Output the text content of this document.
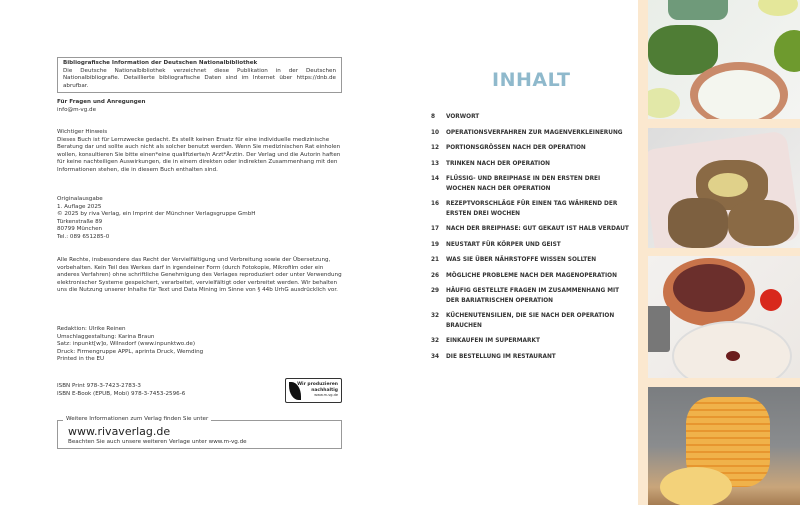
Bibliografische Information der Deutschen Nationalbibliothek
Die Deutsche Nationalbibliothek verzeichnet diese Publikation in der Deutschen Nationalbibliografie. Detaillierte bibliografische Daten sind im Internet über https://dnb.de abrufbar.
Für Fragen und Anregungen
info@m-vg.de
Wichtiger Hinweis
Dieses Buch ist für Lernzwecke gedacht. Es stellt keinen Ersatz für eine individuelle medizinische Beratung dar und sollte auch nicht als solcher benutzt werden. Wenn Sie medizinischen Rat einholen wollen, konsultieren Sie bitte einen*eine qualifizierte/n Arzt*Ärztin. Der Verlag und die Autorin haften für keine nachteiligen Auswirkungen, die in einem direkten oder indirekten Zusammenhang mit den Informationen stehen, die in diesem Buch enthalten sind.
Originalausgabe
1. Auflage 2025
© 2025 by riva Verlag, ein Imprint der Münchner Verlagsgruppe GmbH
Türkenstraße 89
80799 München
Tel.: 089 651285-0
Alle Rechte, insbesondere das Recht der Vervielfältigung und Verbreitung sowie der Übersetzung, vorbehalten. Kein Teil des Werkes darf in irgendeiner Form (durch Fotokopie, Mikrofilm oder ein anderes Verfahren) ohne schriftliche Genehmigung des Verlages reproduziert oder unter Verwendung elektronischer Systeme gespeichert, verarbeitet, vervielfältigt oder verbreitet werden. Wir behalten uns die Nutzung unserer Inhalte für Text und Data Mining im Sinne von § 44b UrhG ausdrücklich vor.
Redaktion: Ulrike Reinen
Umschlaggestaltung: Karina Braun
Satz: inpunkt[w]o, Wilnsdorf (www.inpunktwo.de)
Druck: Firmengruppe APPL, aprinta Druck, Wemding
Printed in the EU
ISBN Print 978-3-7423-2783-3
ISBN E-Book (EPUB, Mobi) 978-3-7453-2596-6
Wir produzieren
nachhaltig
www.m-vg.de
Weitere Informationen zum Verlag finden Sie unter
www.rivaverlag.de
Beachten Sie auch unsere weiteren Verlage unter www.m-vg.de
INHALT
8	VORWORT
10	OPERATIONSVERFAHREN ZUR MAGENVERKLEINERUNG
12	PORTIONSGRÖSSEN NACH DER OPERATION
13	TRINKEN NACH DER OPERATION
14	FLÜSSIG- UND BREIPHASE IN DEN ERSTEN DREI WOCHEN NACH DER OPERATION
16	REZEPTVORSCHLÄGE FÜR EINEN TAG WÄHREND DER ERSTEN DREI WOCHEN
17	NACH DER BREIPHASE: GUT GEKAUT IST HALB VERDAUT
19	NEUSTART FÜR KÖRPER UND GEIST
21	WAS SIE ÜBER NÄHRSTOFFE WISSEN SOLLTEN
26	MÖGLICHE PROBLEME NACH DER MAGENOPERATION
29	HÄUFIG GESTELLTE FRAGEN IM ZUSAMMENHANG MIT DER BARIATRISCHEN OPERATION
32	KÜCHENUTENSILIEN, DIE SIE NACH DER OPERATION BRAUCHEN
32	EINKAUFEN IM SUPERMARKT
34	DIE BESTELLUNG IM RESTAURANT
